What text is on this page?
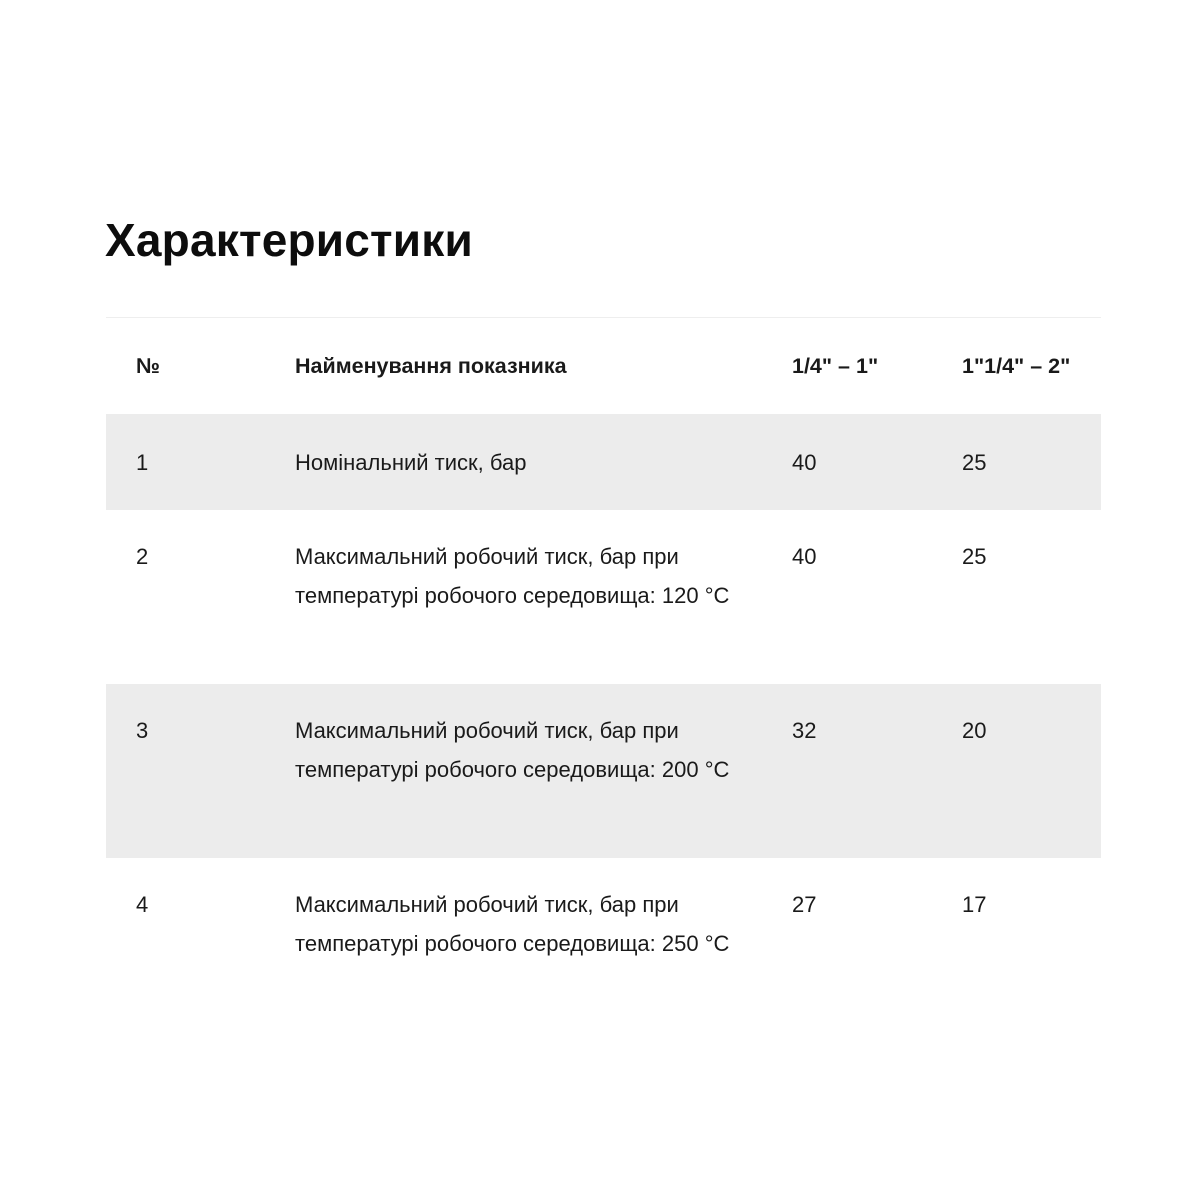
Характеристики
№	Найменування показника	1/4" – 1"	1"1/4" – 2"
1	Номінальний тиск, бар	40	25
2	Максимальний робочий тиск, бар при температурі робочого середовища: 120 °С	40	25
3	Максимальний робочий тиск, бар при температурі робочого середовища: 200 °С	32	20
4	Максимальний робочий тиск, бар при температурі робочого середовища: 250 °С	27	17
